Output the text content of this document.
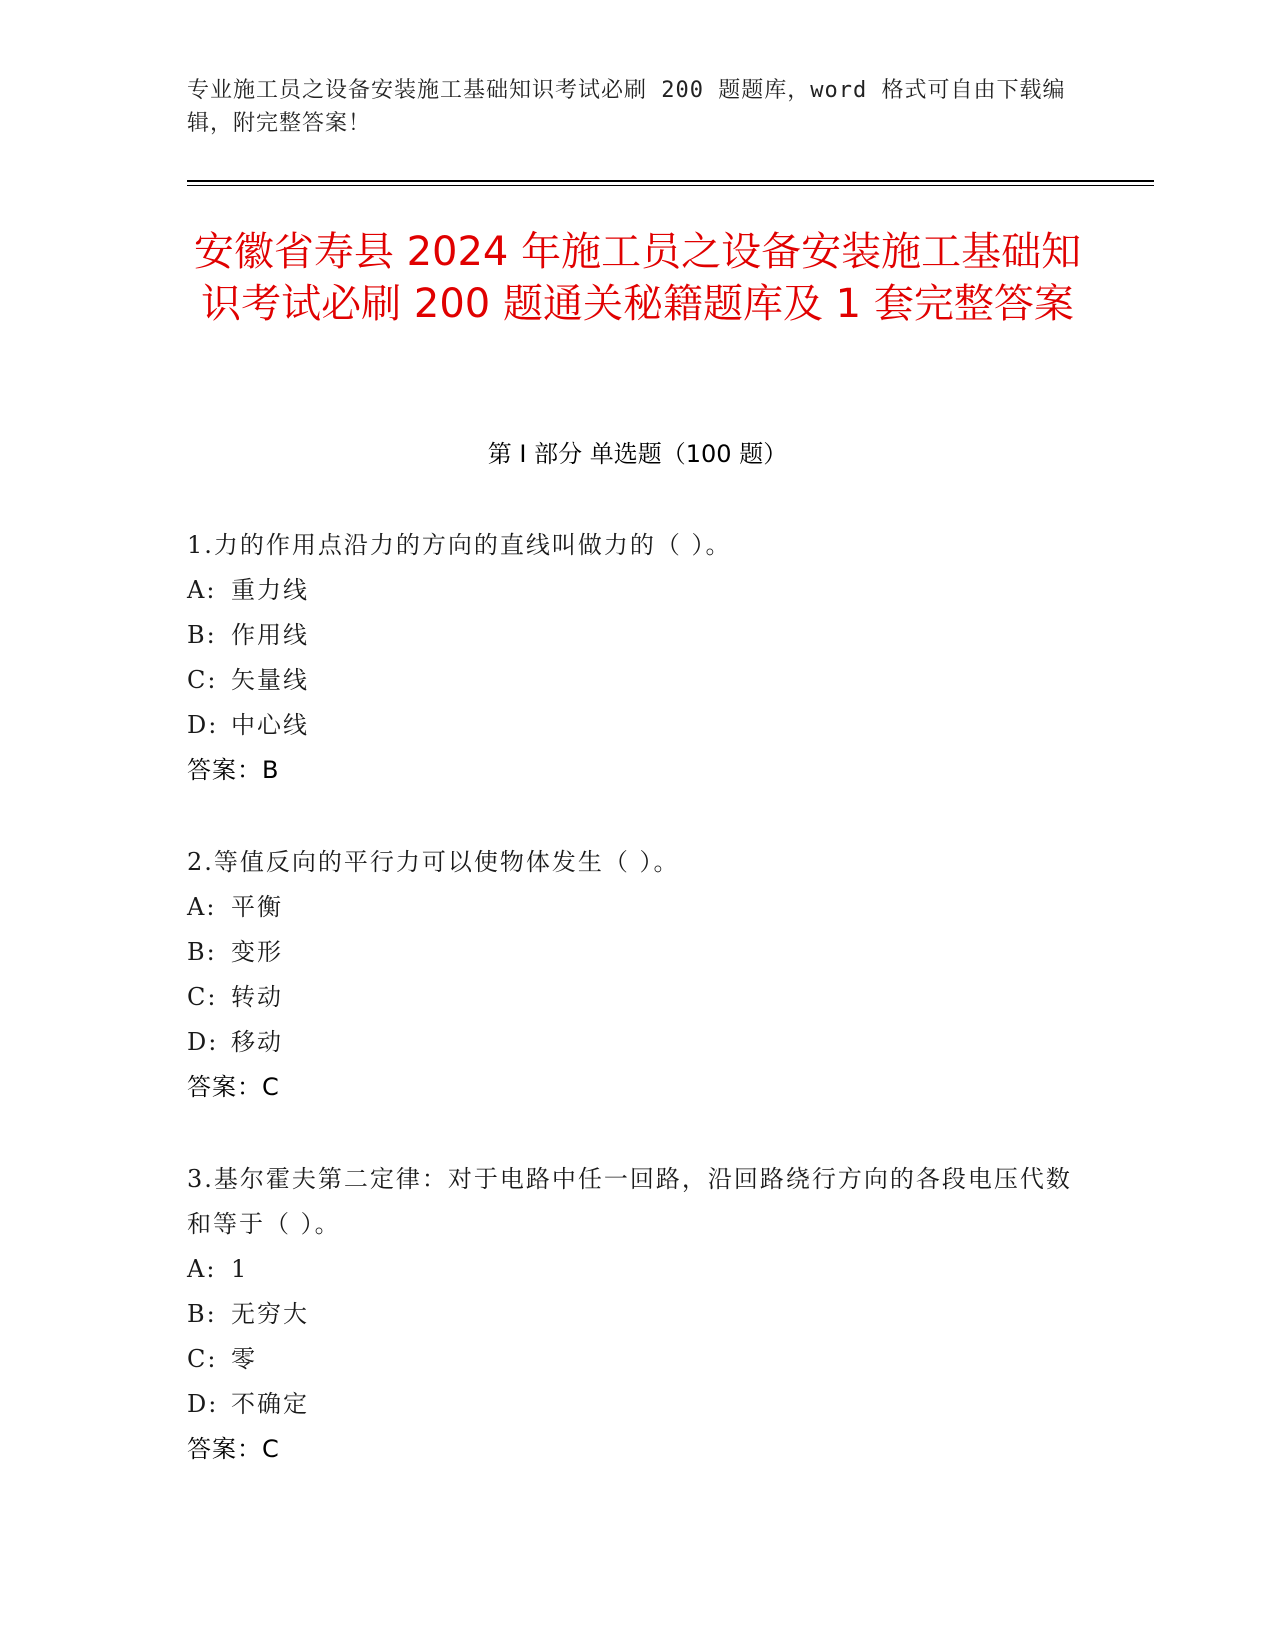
专业施工员之设备安装施工基础知识考试必刷 200 题题库，word 格式可自由下载编辑，附完整答案！
安徽省寿县 2024 年施工员之设备安装施工基础知识考试必刷 200 题通关秘籍题库及 1 套完整答案
第 I 部分 单选题（100 题）

1.力的作用点沿力的方向的直线叫做力的（ ）。

A: 重力线
B: 作用线
C: 矢量线
D: 中心线
答案：B

2.等值反向的平行力可以使物体发生（ ）。

A: 平衡
B: 变形
C: 转动
D: 移动
答案：C

3.基尔霍夫第二定律：对于电路中任一回路，沿回路绕行方向的各段电压代数和等于（ ）。

A: 1
B: 无穷大
C: 零
D: 不确定
答案：C
